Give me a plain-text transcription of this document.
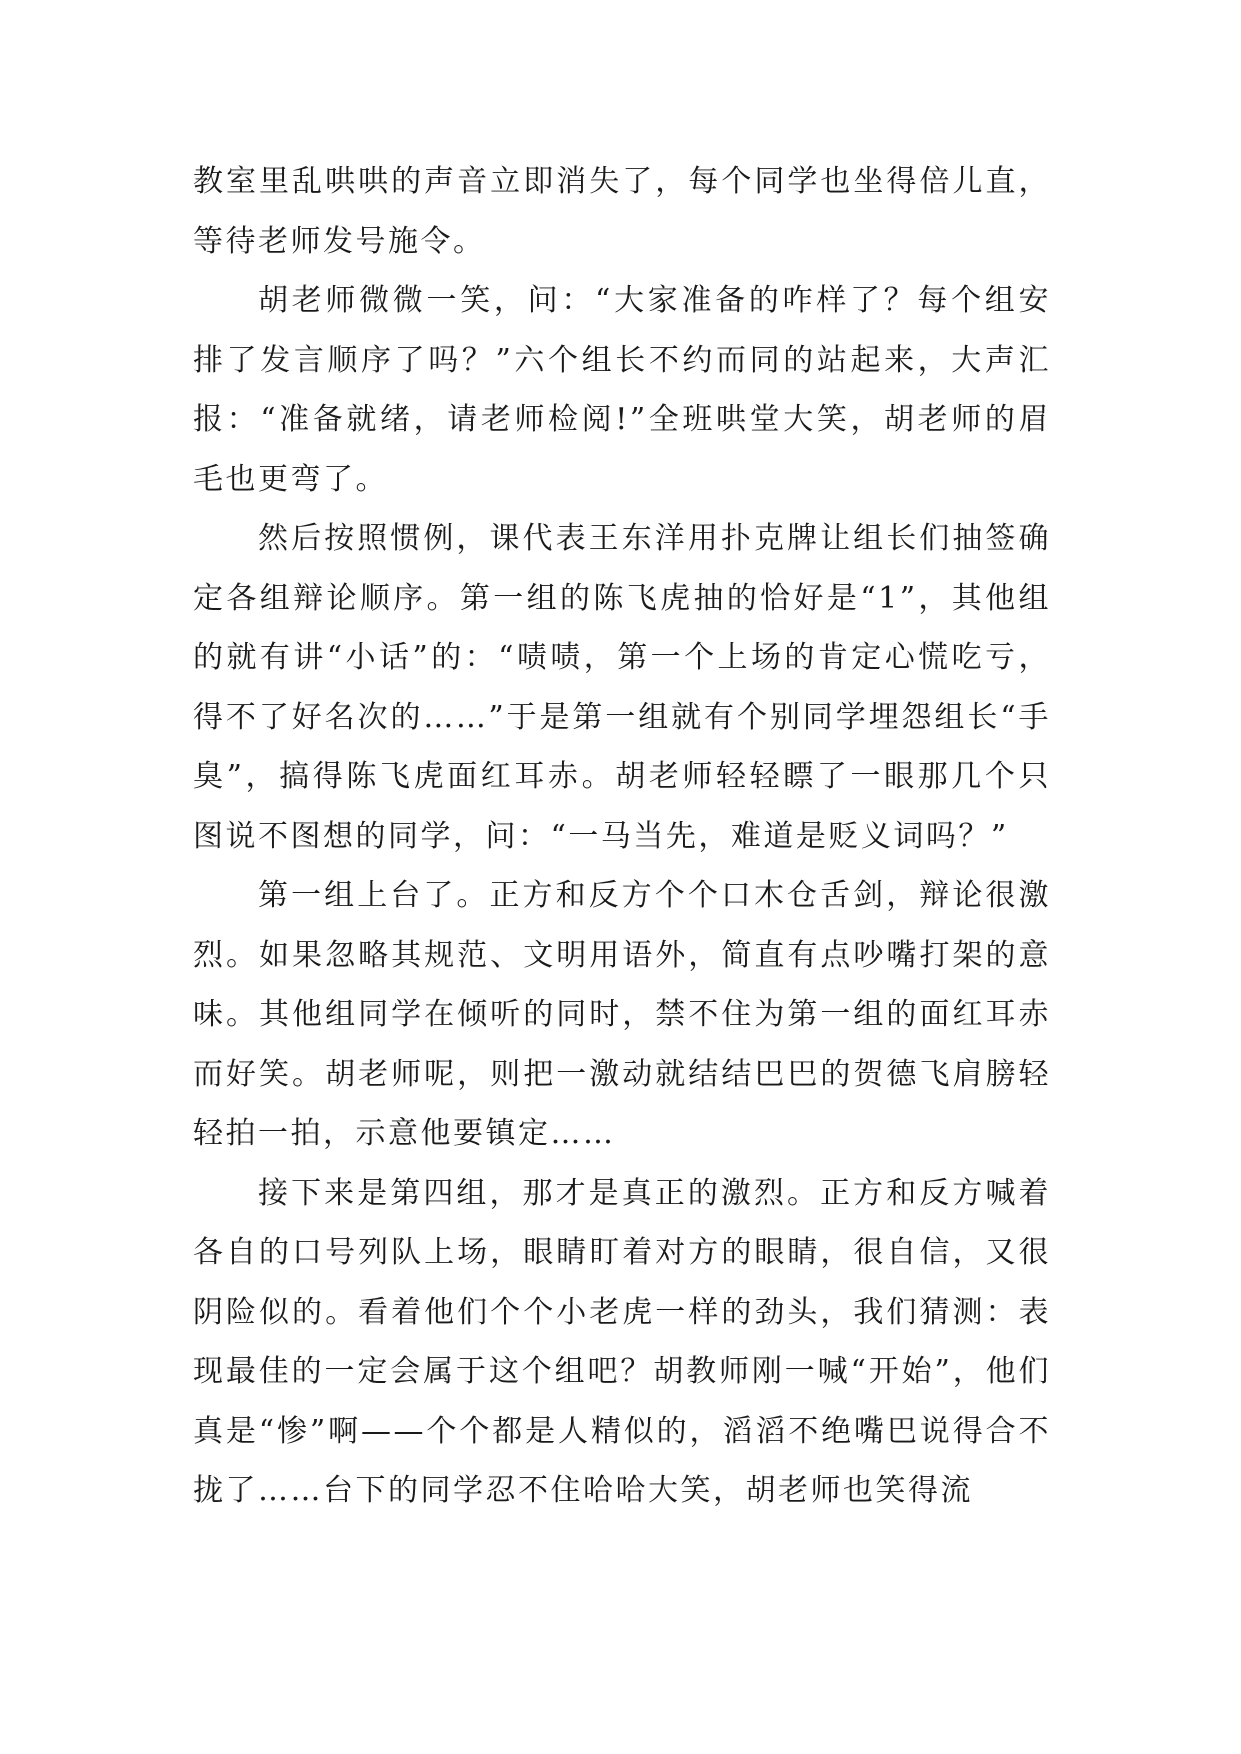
教室里乱哄哄的声音立即消失了，每个同学也坐得倍儿直，等待老师发号施令。

胡老师微微一笑，问：“大家准备的咋样了？每个组安排了发言顺序了吗？”六个组长不约而同的站起来，大声汇报：“准备就绪，请老师检阅!”全班哄堂大笑，胡老师的眉毛也更弯了。

然后按照惯例，课代表王东洋用扑克牌让组长们抽签确定各组辩论顺序。第一组的陈飞虎抽的恰好是“1”，其他组的就有讲“小话”的：“啧啧，第一个上场的肯定心慌吃亏，得不了好名次的……”于是第一组就有个别同学埋怨组长“手臭”，搞得陈飞虎面红耳赤。胡老师轻轻瞟了一眼那几个只图说不图想的同学，问：“一马当先，难道是贬义词吗？”

第一组上台了。正方和反方个个口木仓舌剑，辩论很激烈。如果忽略其规范、文明用语外，简直有点吵嘴打架的意味。其他组同学在倾听的同时，禁不住为第一组的面红耳赤而好笑。胡老师呢，则把一激动就结结巴巴的贺德飞肩膀轻轻拍一拍，示意他要镇定……

接下来是第四组，那才是真正的激烈。正方和反方喊着各自的口号列队上场，眼睛盯着对方的眼睛，很自信，又很阴险似的。看着他们个个小老虎一样的劲头，我们猜测：表现最佳的一定会属于这个组吧？胡教师刚一喊“开始”，他们真是“惨”啊——个个都是人精似的，滔滔不绝嘴巴说得合不拢了……台下的同学忍不住哈哈大笑，胡老师也笑得流
